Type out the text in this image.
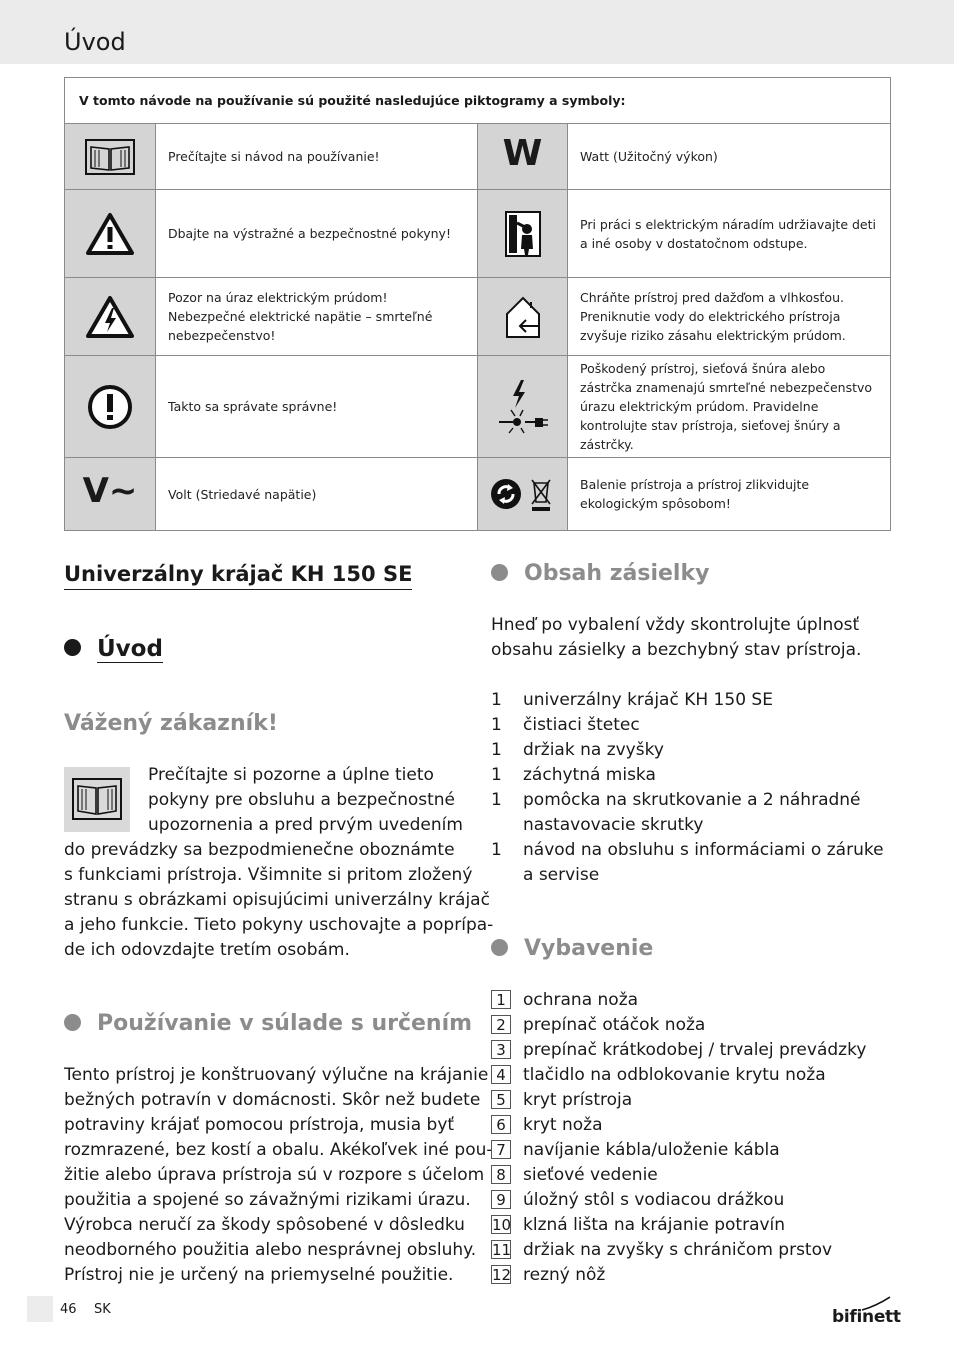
Úvod
V tomto návode na používanie sú použité nasledujúce piktogramy a symboly:			

	Prečítajte si návod na používanie!	W	Watt (Užitočný výkon)

	Dbajte na výstražné a bezpečnostné pokyny!		Pri práci s elektrickým náradím udržiavajte deti a iné osoby v dostatočnom odstupe.

	Pozor na úraz elektrickým prúdom! Nebezpečné elektrické napätie – smrteľné nebezpečenstvo!		Chráňte prístroj pred dažďom a vlhkosťou. Preniknutie vody do elektrického prístroja zvyšuje riziko zásahu elektrickým prúdom.

	Takto sa správate správne!		Poškodený prístroj, sieťová šnúra alebo zástrčka znamenajú smrteľné nebezpečenstvo úrazu elektrickým prúdom. Pravidelne kontrolujte stav prístroja, sieťovej šnúry a zástrčky.
V~	Volt (Striedavé napätie)		Balenie prístroja a prístroj zlikvidujte ekologickým spôsobom!
Univerzálny krájač KH 150 SE
Úvod
Vážený zákazník!

Prečítajte si pozorne a úplne tieto

pokyny pre obsluhu a bezpečnostné

upozornenia a pred prvým uvedením

do prevádzky sa bezpodmienečne oboznámte

s funkciami prístroja. Všimnite si pritom zložený

stranu s obrázkami opisujúcimi univerzálny krájač

a jeho funkcie. Tieto pokyny uschovajte a poprípa-

de ich odovzdajte tretím osobám.

Používanie v súlade s určením

Tento prístroj je konštruovaný výlučne na krájanie

bežných potravín v domácnosti. Skôr než budete

potraviny krájať pomocou prístroja, musia byť

rozmrazené, bez kostí a obalu. Akékoľvek iné pou-

žitie alebo úprava prístroja sú v rozpore s účelom

použitia a spojené so závažnými rizikami úrazu.

Výrobca neručí za škody spôsobené v dôsledku

neodborného použitia alebo nesprávnej obsluhy.

Prístroj nie je určený na priemyselné použitie.

Obsah zásielky

Hneď po vybalení vždy skontrolujte úplnosť

obsahu zásielky a bezchybný stav prístroja.

1 univerzálny krájač KH 150 SE
1 čistiaci štetec
1 držiak na zvyšky
1 záchytná miska
1 pomôcka na skrutkovanie a 2 náhradné
nastavovacie skrutky
1 návod na obsluhu s informáciami o záruke
a servise
Vybavenie
1	ochrana noža
2	prepínač otáčok noža
3	prepínač krátkodobej / trvalej prevádzky
4	tlačidlo na odblokovanie krytu noža
5	kryt prístroja
6	kryt noža
7	navíjanie kábla/uloženie kábla
8	sieťové vedenie
9	úložný stôl s vodiacou drážkou
10 klzná lišta na krájanie potravín
11 držiak na zvyšky s chráničom prstov
12 rezný nôž
46 SK	bifinett
